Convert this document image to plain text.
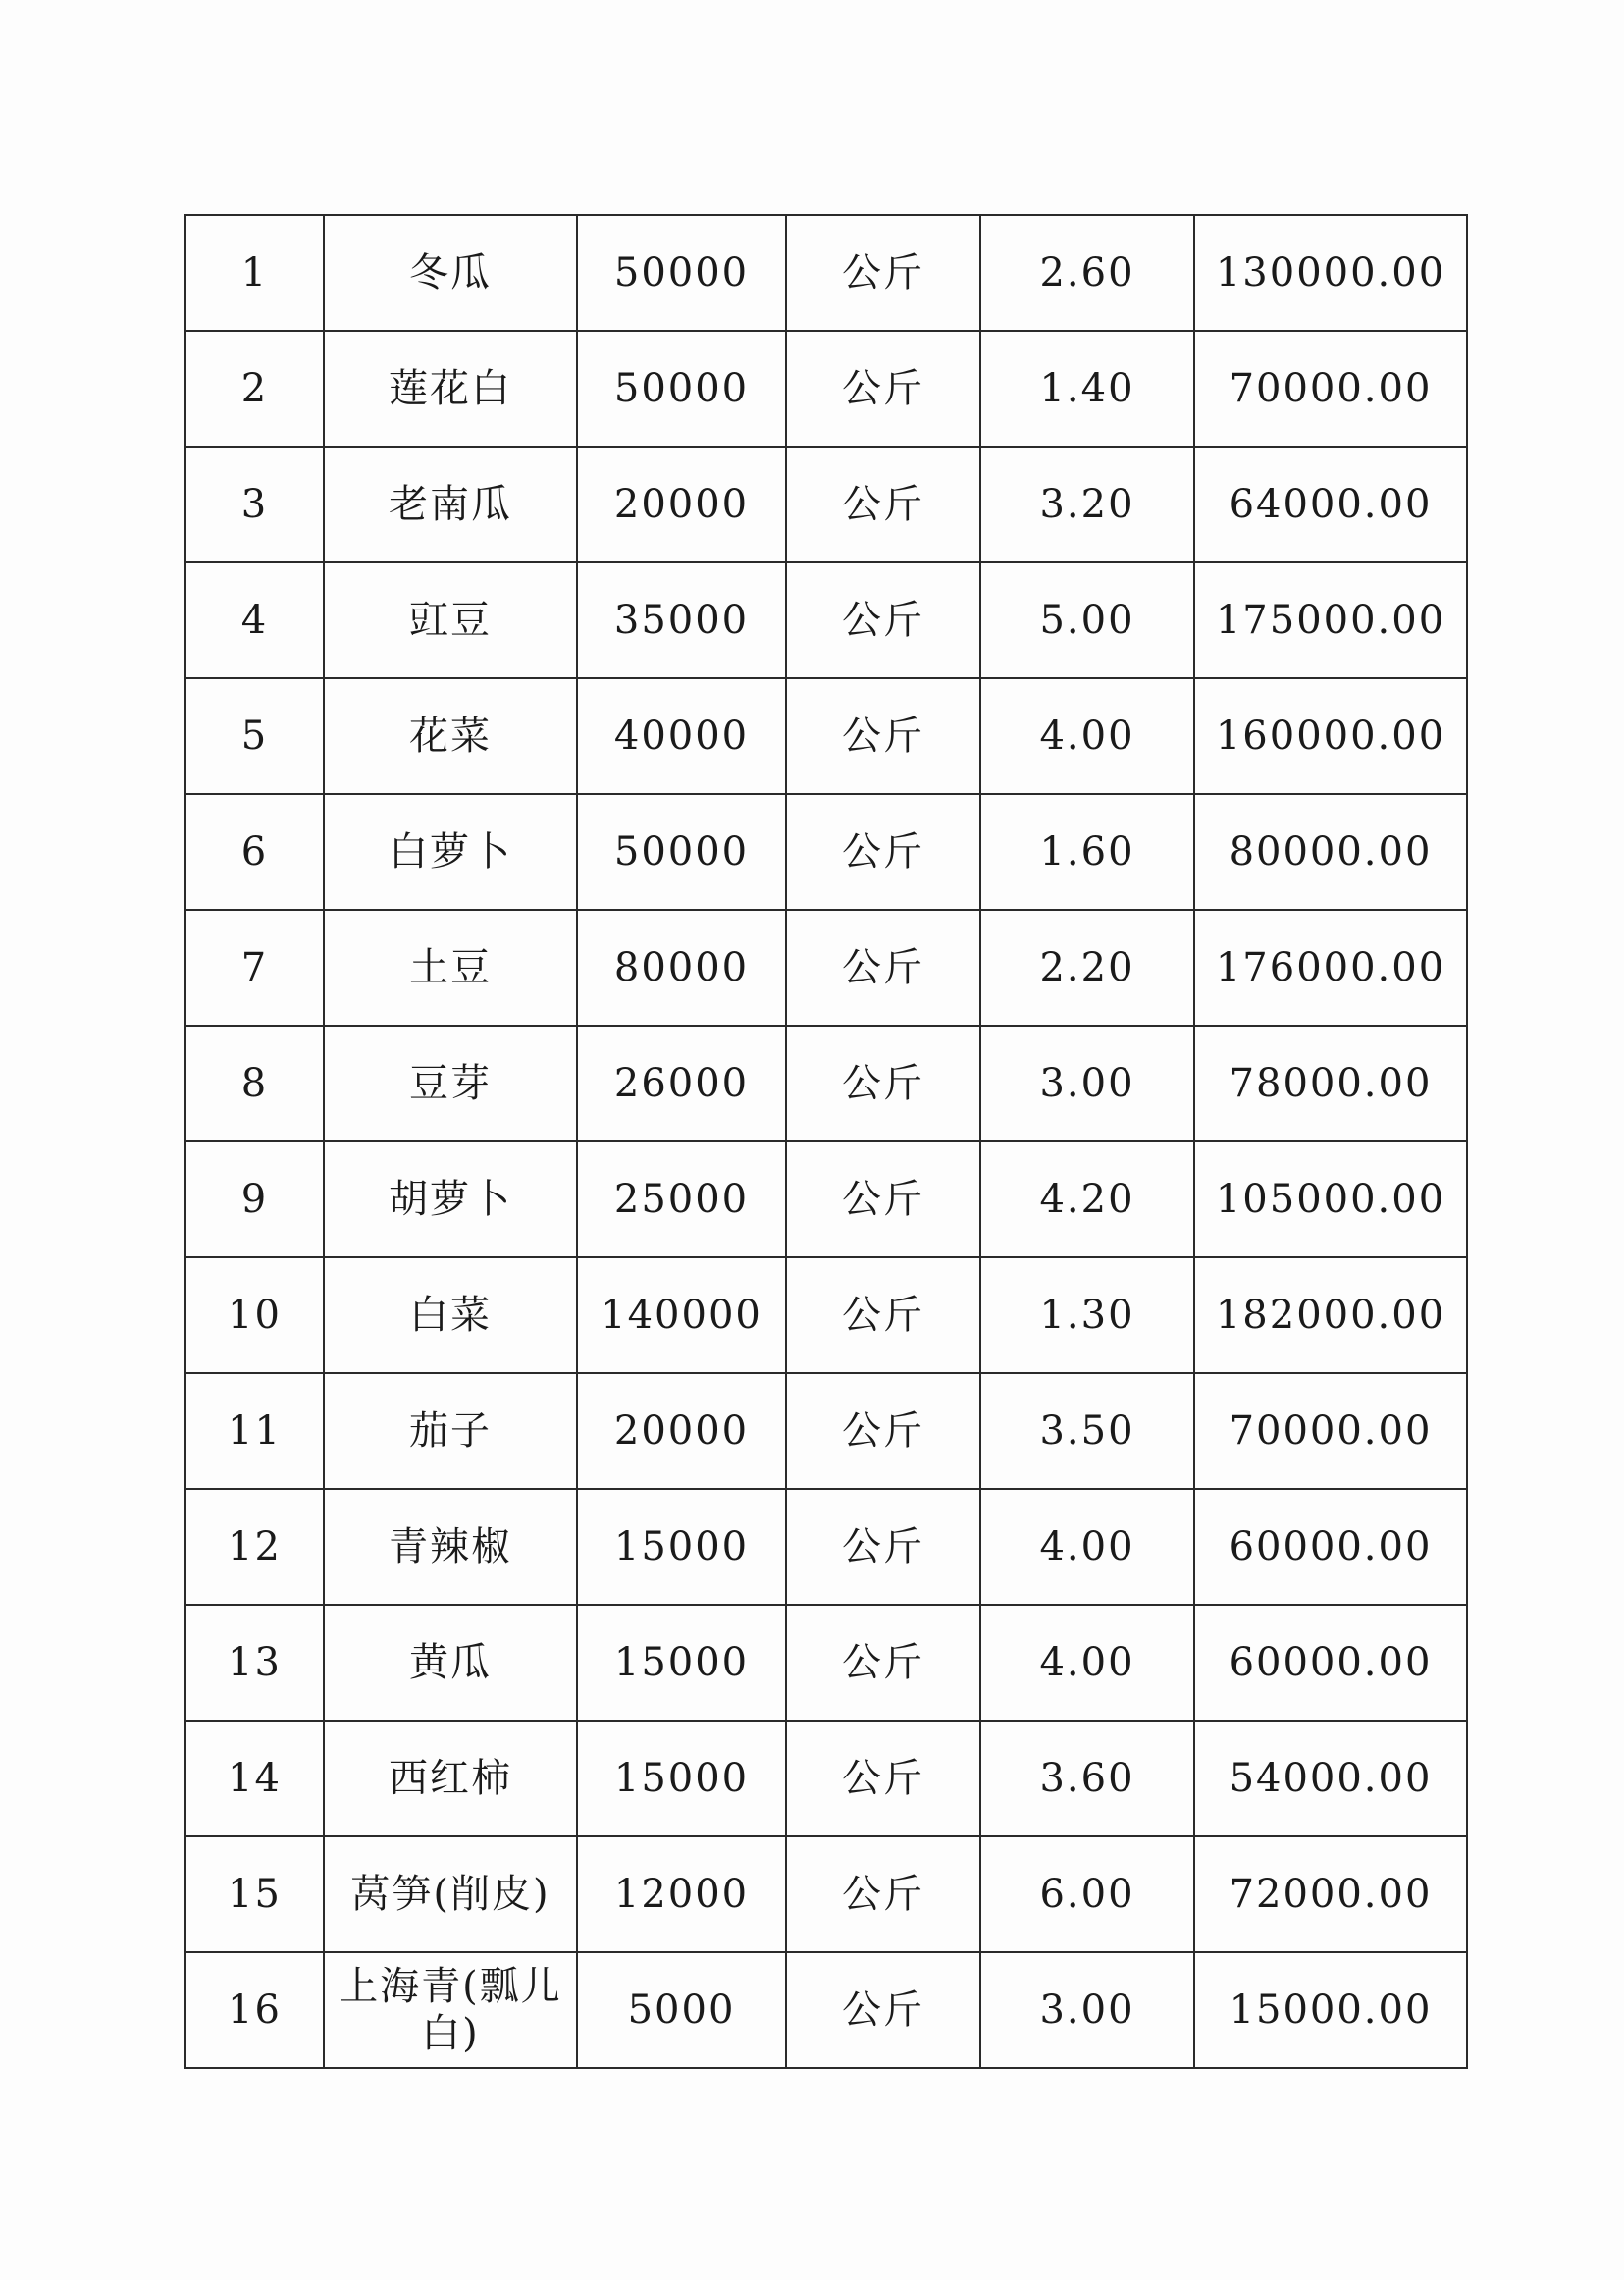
1	冬瓜	50000	公斤	2.60	130000.00
2	莲花白	50000	公斤	1.40	70000.00
3	老南瓜	20000	公斤	3.20	64000.00
4	豇豆	35000	公斤	5.00	175000.00
5	花菜	40000	公斤	4.00	160000.00
6	白萝卜	50000	公斤	1.60	80000.00
7	土豆	80000	公斤	2.20	176000.00
8	豆芽	26000	公斤	3.00	78000.00
9	胡萝卜	25000	公斤	4.20	105000.00
10	白菜	140000	公斤	1.30	182000.00
11	茄子	20000	公斤	3.50	70000.00
12	青辣椒	15000	公斤	4.00	60000.00
13	黄瓜	15000	公斤	4.00	60000.00
14	西红柿	15000	公斤	3.60	54000.00
15	莴笋(削皮)	12000	公斤	6.00	72000.00
16	上海青(瓢儿白)	5000	公斤	3.00	15000.00
